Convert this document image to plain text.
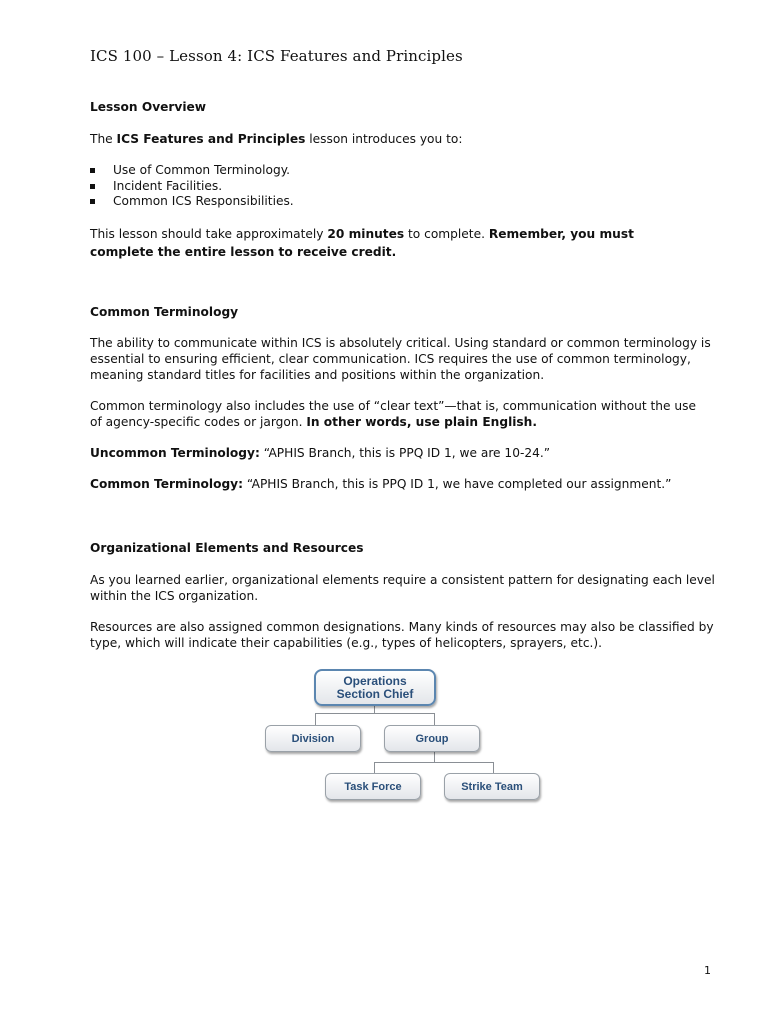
ICS 100 – Lesson 4: ICS Features and Principles
Lesson Overview
The ICS Features and Principles lesson introduces you to:
Use of Common Terminology.
Incident Facilities.
Common ICS Responsibilities.
This lesson should take approximately 20 minutes to complete. Remember, you must complete the entire lesson to receive credit.
Common Terminology
The ability to communicate within ICS is absolutely critical. Using standard or common terminology is essential to ensuring efficient, clear communication. ICS requires the use of common terminology, meaning standard titles for facilities and positions within the organization.
Common terminology also includes the use of “clear text”—that is, communication without the use of agency-specific codes or jargon. In other words, use plain English.
Uncommon Terminology: “APHIS Branch, this is PPQ ID 1, we are 10-24.”
Common Terminology: “APHIS Branch, this is PPQ ID 1, we have completed our assignment.”
Organizational Elements and Resources
As you learned earlier, organizational elements require a consistent pattern for designating each level within the ICS organization.
Resources are also assigned common designations. Many kinds of resources may also be classified by type, which will indicate their capabilities (e.g., types of helicopters, sprayers, etc.).
Operations
Section Chief
Division	Group
Task Force	Strike Team
1
